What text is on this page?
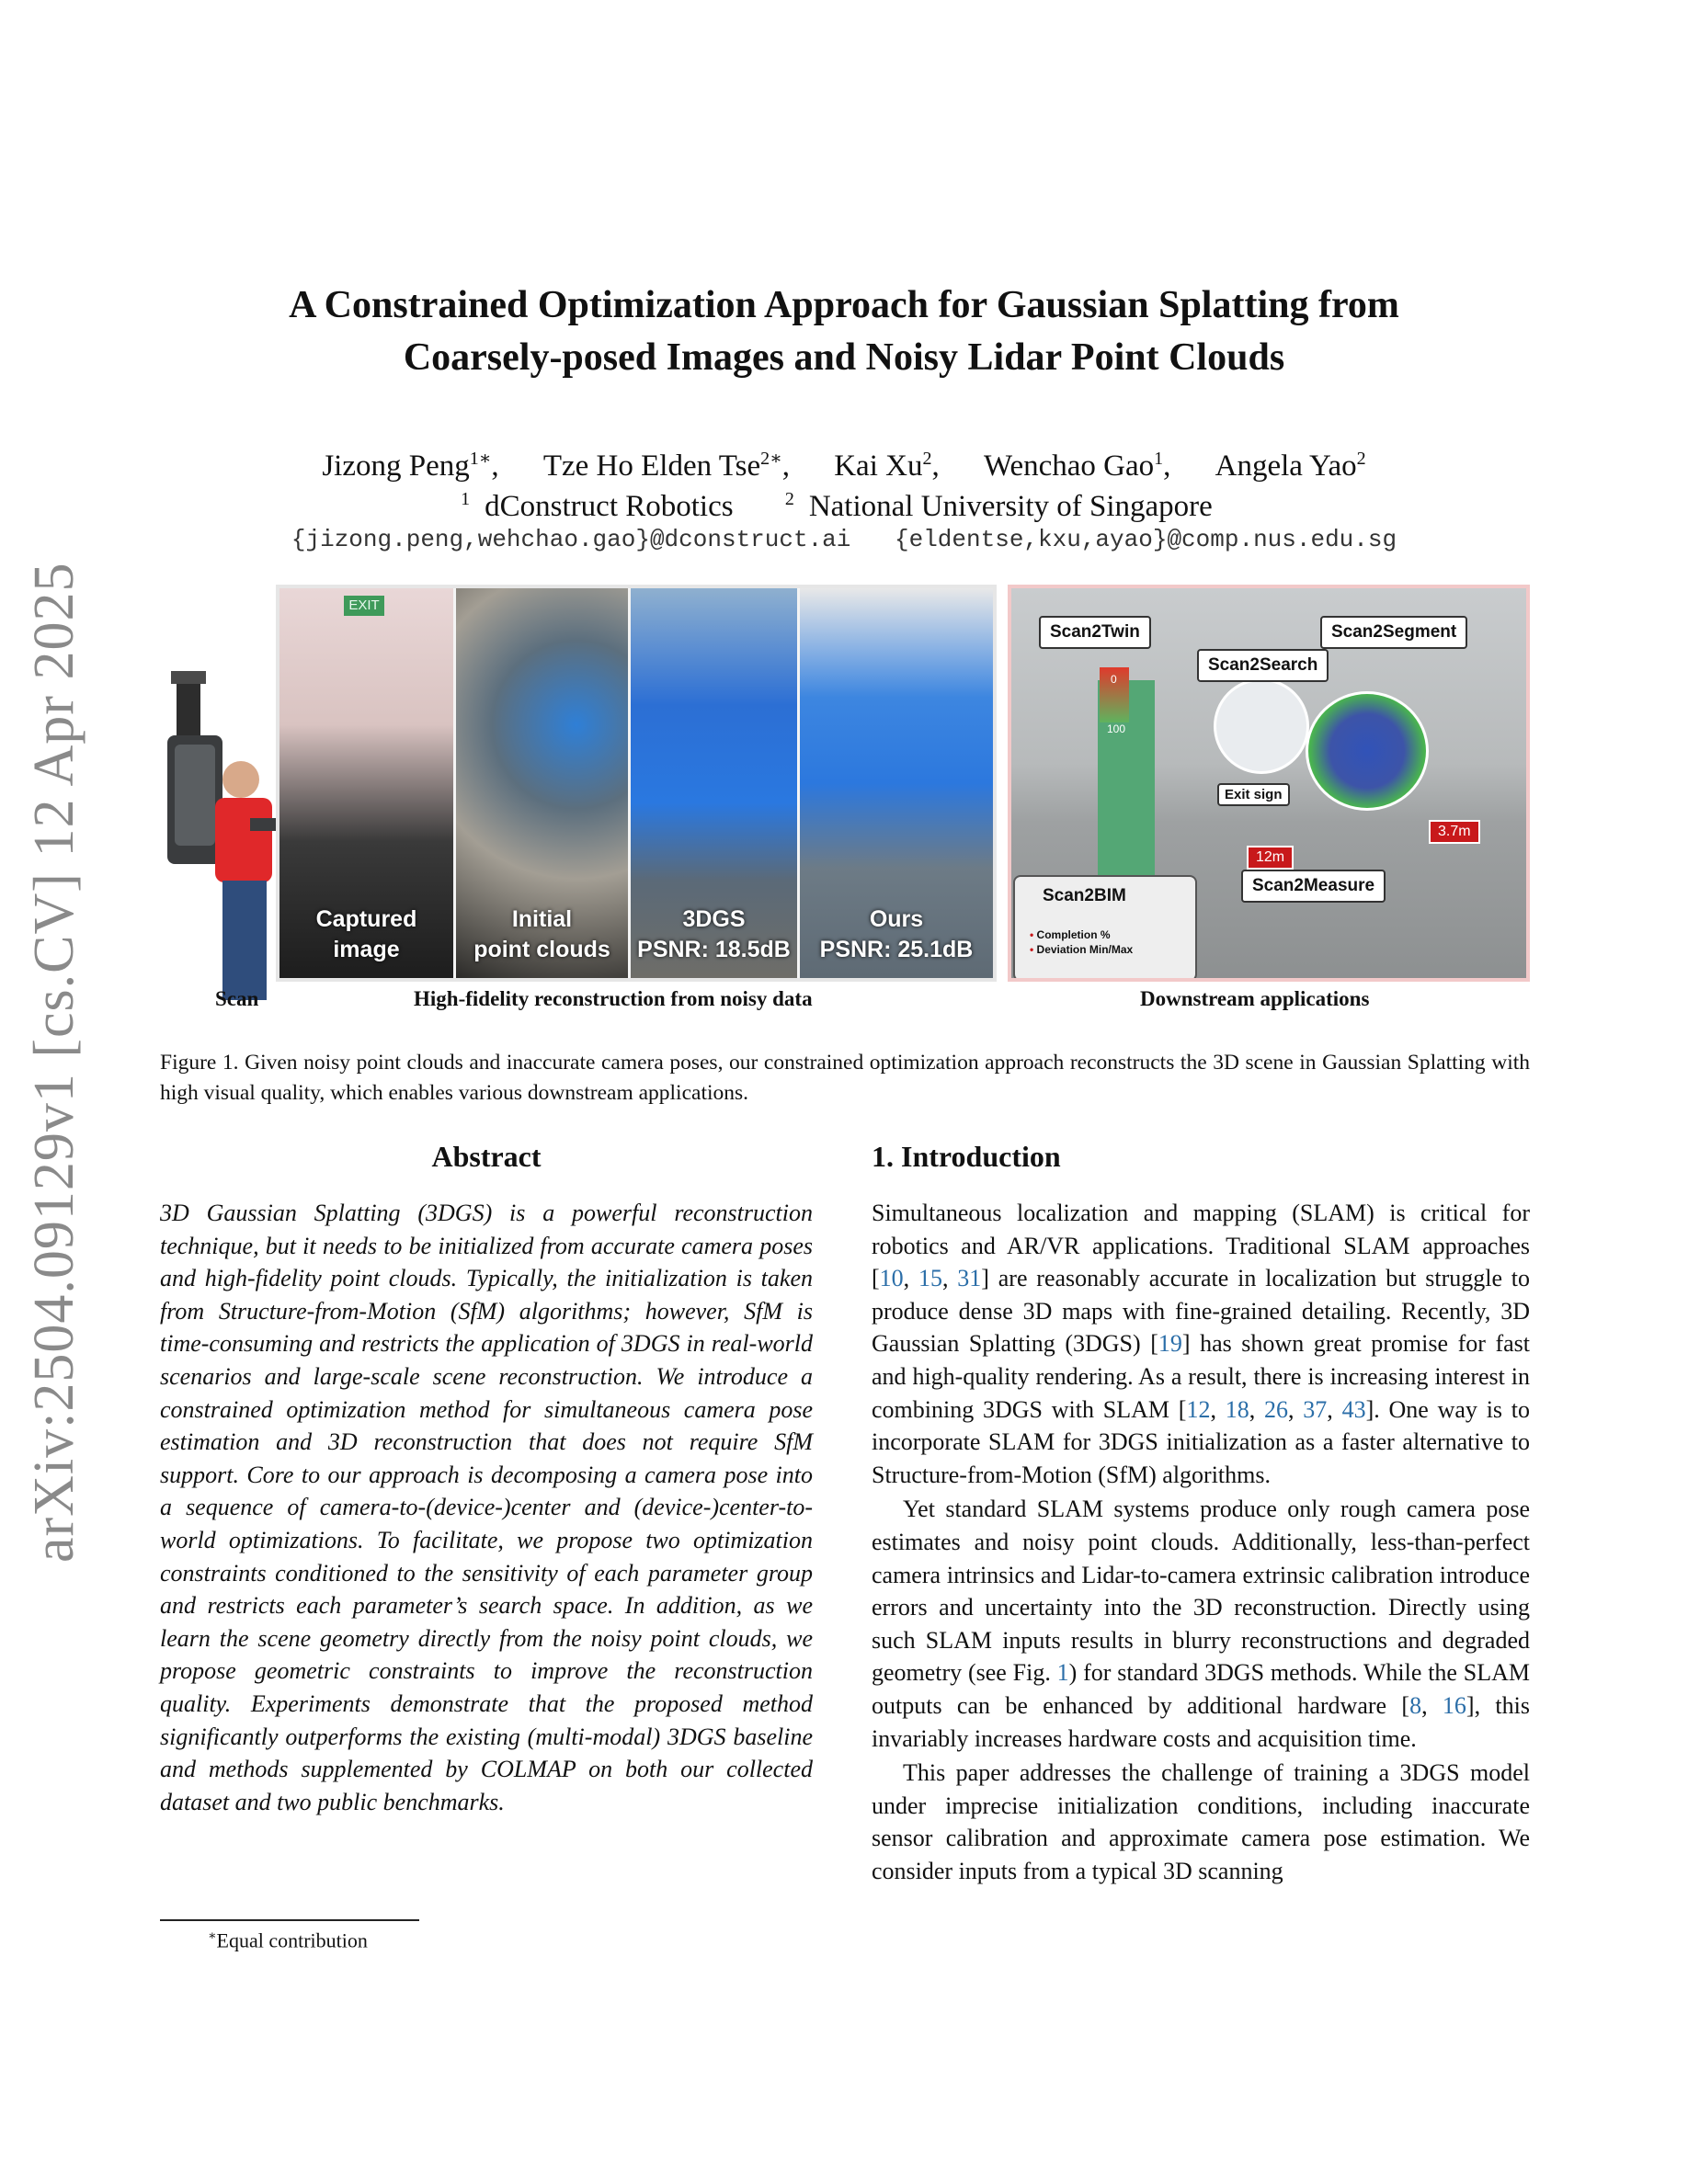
arXiv:2504.09129v1 [cs.CV] 12 Apr 2025
A Constrained Optimization Approach for Gaussian Splatting from
Coarsely-posed Images and Noisy Lidar Point Clouds
Jizong Peng$^{1∗}$, Tze Ho Elden Tse$^{2∗}$, Kai Xu$^2$, Wenchao Gao$^1$, Angela Yao$^2$
$^1$ dConstruct Robotics	$^2$ National University of Singapore
{jizong.peng,wehchao.gao}@dconstruct.ai {eldentse,kxu,ayao}@comp.nus.edu.sg
EXIT
Captured
image
Initial
point clouds
3DGS
PSNR: 18.5dB
Ours
PSNR: 25.1dB
0
100
Scan2Twin	Scan2Segment
Scan2Search
Exit sign
3.7m
12m
Scan2Measure
Scan2BIM
• Completion %
• Deviation Min/Max
Scan	High-fidelity reconstruction from noisy data	Downstream applications
Figure 1. Given noisy point clouds and inaccurate camera poses, our constrained optimization approach reconstructs the 3D scene in Gaussian Splatting with high visual quality, which enables various downstream applications.
Abstract

3D Gaussian Splatting (3DGS) is a powerful reconstruction technique, but it needs to be initialized from accurate camera poses and high-fidelity point clouds. Typically, the initialization is taken from Structure-from-Motion (SfM) algorithms; however, SfM is time-consuming and restricts the application of 3DGS in real-world scenarios and large-scale scene reconstruction. We introduce a constrained optimization method for simultaneous camera pose estimation and 3D reconstruction that does not require SfM support. Core to our approach is decomposing a camera pose into a sequence of camera-to-(device-)center and (device-)center-to-world optimizations. To facilitate, we propose two optimization constraints conditioned to the sensitivity of each parameter group and restricts each parameter’s search space. In addition, as we learn the scene geometry directly from the noisy point clouds, we propose geometric constraints to improve the reconstruction quality. Experiments demonstrate that the proposed method significantly outperforms the existing (multi-modal) 3DGS baseline and methods supplemented by COLMAP on both our collected dataset and two public benchmarks.

∗Equal contribution
1. Introduction

Simultaneous localization and mapping (SLAM) is critical for robotics and AR/VR applications. Traditional SLAM approaches [10, 15, 31] are reasonably accurate in localization but struggle to produce dense 3D maps with fine-grained detailing. Recently, 3D Gaussian Splatting (3DGS) [19] has shown great promise for fast and high-quality rendering. As a result, there is increasing interest in combining 3DGS with SLAM [12, 18, 26, 37, 43]. One way is to incorporate SLAM for 3DGS initialization as a faster alternative to Structure-from-Motion (SfM) algorithms.

Yet standard SLAM systems produce only rough camera pose estimates and noisy point clouds. Additionally, less-than-perfect camera intrinsics and Lidar-to-camera extrinsic calibration introduce errors and uncertainty into the 3D reconstruction. Directly using such SLAM inputs results in blurry reconstructions and degraded geometry (see Fig. 1) for standard 3DGS methods. While the SLAM outputs can be enhanced by additional hardware [8, 16], this invariably increases hardware costs and acquisition time.

This paper addresses the challenge of training a 3DGS model under imprecise initialization conditions, including inaccurate sensor calibration and approximate camera pose estimation. We consider inputs from a typical 3D scanning
